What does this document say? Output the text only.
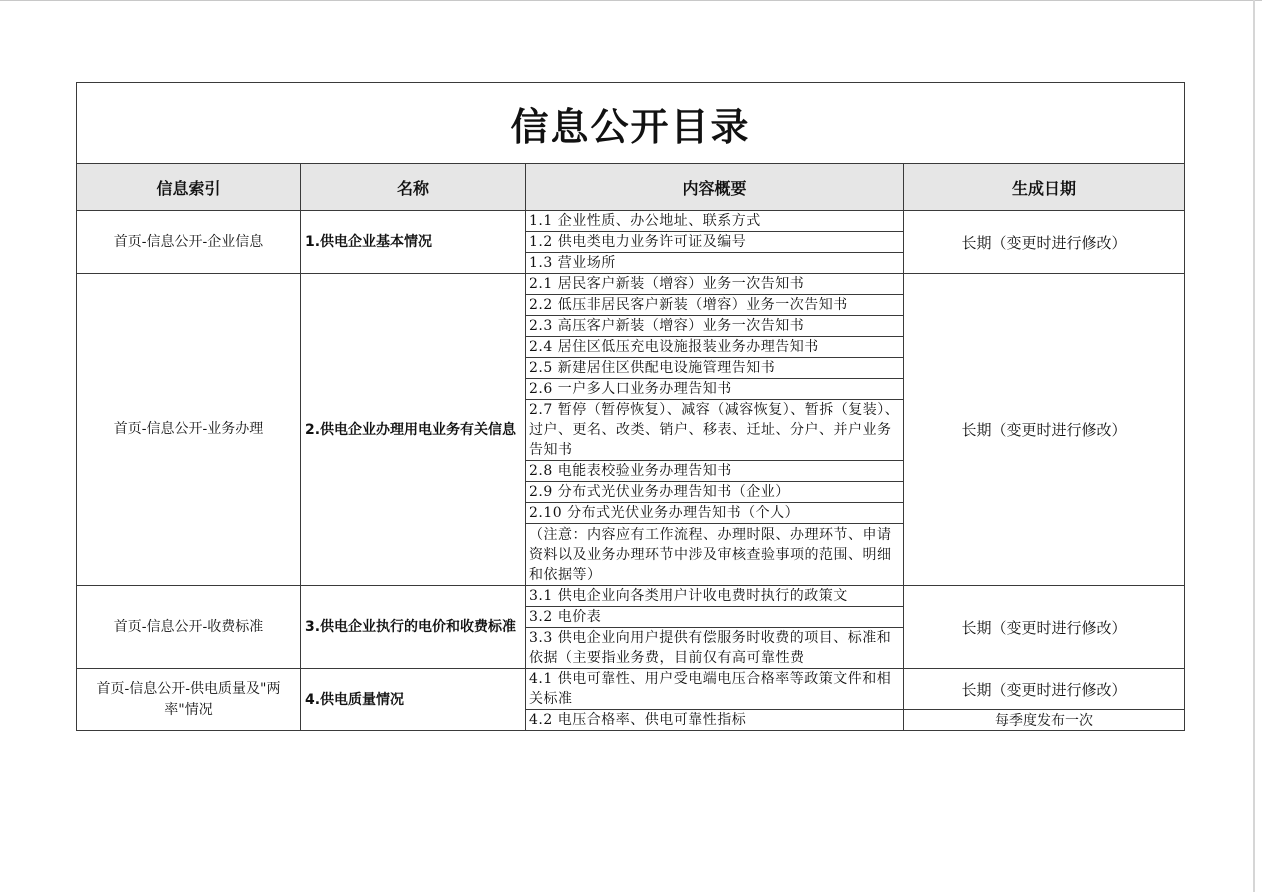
信息公开目录			
信息索引	名称	内容概要	生成日期
首页-信息公开-企业信息	1.供电企业基本情况	1.1 企业性质、办公地址、联系方式	长期（变更时进行修改）
		1.2 供电类电力业务许可证及编号	
		1.3 营业场所	
首页-信息公开-业务办理	2.供电企业办理用电业务有关信息	2.1 居民客户新装（增容）业务一次告知书	长期（变更时进行修改）
		2.2 低压非居民客户新装（增容）业务一次告知书	
		2.3 高压客户新装（增容）业务一次告知书	
		2.4 居住区低压充电设施报装业务办理告知书	
		2.5 新建居住区供配电设施管理告知书	
		2.6 一户多人口业务办理告知书	
		2.7 暂停（暂停恢复）、减容（减容恢复）、暂拆（复装）、过户、更名、改类、销户、移表、迁址、分户、并户业务告知书	
		2.8 电能表校验业务办理告知书	
		2.9 分布式光伏业务办理告知书（企业）	
		2.10 分布式光伏业务办理告知书（个人）	
		（注意：内容应有工作流程、办理时限、办理环节、申请资料以及业务办理环节中涉及审核查验事项的范围、明细和依据等）	
首页-信息公开-收费标准	3.供电企业执行的电价和收费标准	3.1 供电企业向各类用户计收电费时执行的政策文	长期（变更时进行修改）
		3.2 电价表	
		3.3 供电企业向用户提供有偿服务时收费的项目、标准和依据（主要指业务费，目前仅有高可靠性费	
首页-信息公开-供电质量及"两率"情况	4.供电质量情况	4.1 供电可靠性、用户受电端电压合格率等政策文件和相关标准	长期（变更时进行修改）
		4.2 电压合格率、供电可靠性指标	每季度发布一次
